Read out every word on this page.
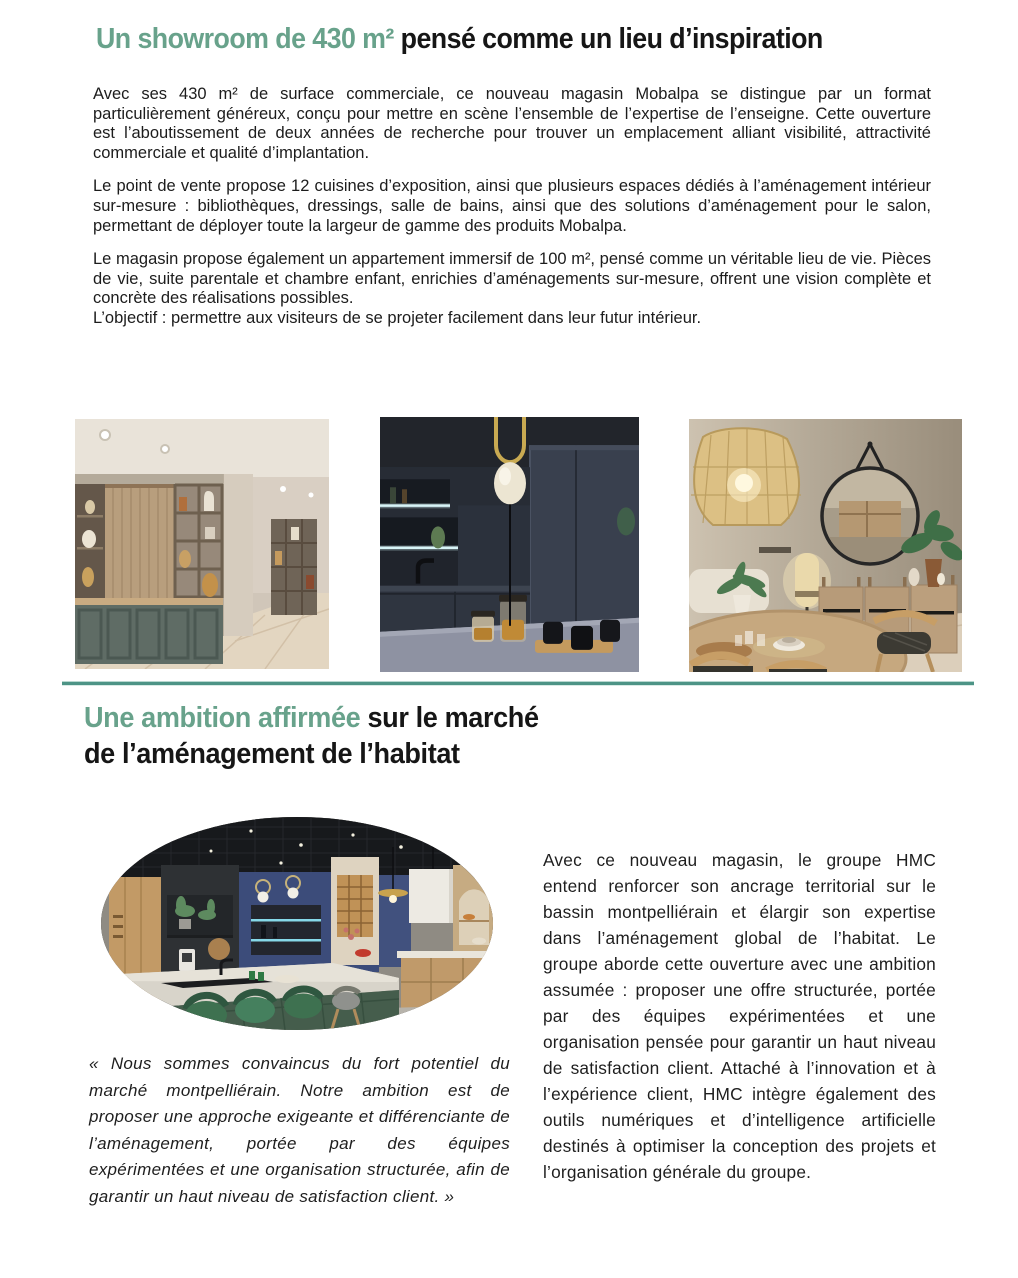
Un showroom de 430 m² pensé comme un lieu d’inspiration

Avec ses 430 m² de surface commerciale, ce nouveau magasin Mobalpa se distingue par un format particulièrement généreux, conçu pour mettre en scène l’ensemble de l’expertise de l’enseigne. Cette ouverture est l’aboutissement de deux années de recherche pour trouver un emplacement alliant visibilité, attractivité commerciale et qualité d’implantation.

Le point de vente propose 12 cuisines d’exposition, ainsi que plusieurs espaces dédiés à l’aménagement intérieur sur-mesure : bibliothèques, dressings, salle de bains, ainsi que des solutions d’aménagement pour le salon, permettant de déployer toute la largeur de gamme des produits Mobalpa.

Le magasin propose également un appartement immersif de 100 m², pensé comme un véritable lieu de vie. Pièces de vie, suite parentale et chambre enfant, enrichies d’aménagements sur-mesure, offrent une vision complète et concrète des réalisations possibles.

L’objectif : permettre aux visiteurs de se projeter facilement dans leur futur intérieur.

Une ambition affirmée sur le marché
de l’aménagement de l’habitat
« Nous sommes convaincus du fort potentiel du marché montpelliérain. Notre ambition est de proposer une approche exigeante et différenciante de l’aménagement, portée par des équipes expérimentées et une organisation structurée, afin de garantir un haut niveau de satisfaction client. »
Avec ce nouveau magasin, le groupe HMC entend renforcer son ancrage territorial sur le bassin montpelliérain et élargir son expertise dans l’aménagement global de l’habitat. Le groupe aborde cette ouverture avec une ambition assumée : proposer une offre structurée, portée par des équipes expérimentées et une organisation pensée pour garantir un haut niveau de satisfaction client. Attaché à l’innovation et à l’expérience client, HMC intègre également des outils numériques et d’intelligence artificielle destinés à optimiser la conception des projets et l’organisation générale du groupe.
